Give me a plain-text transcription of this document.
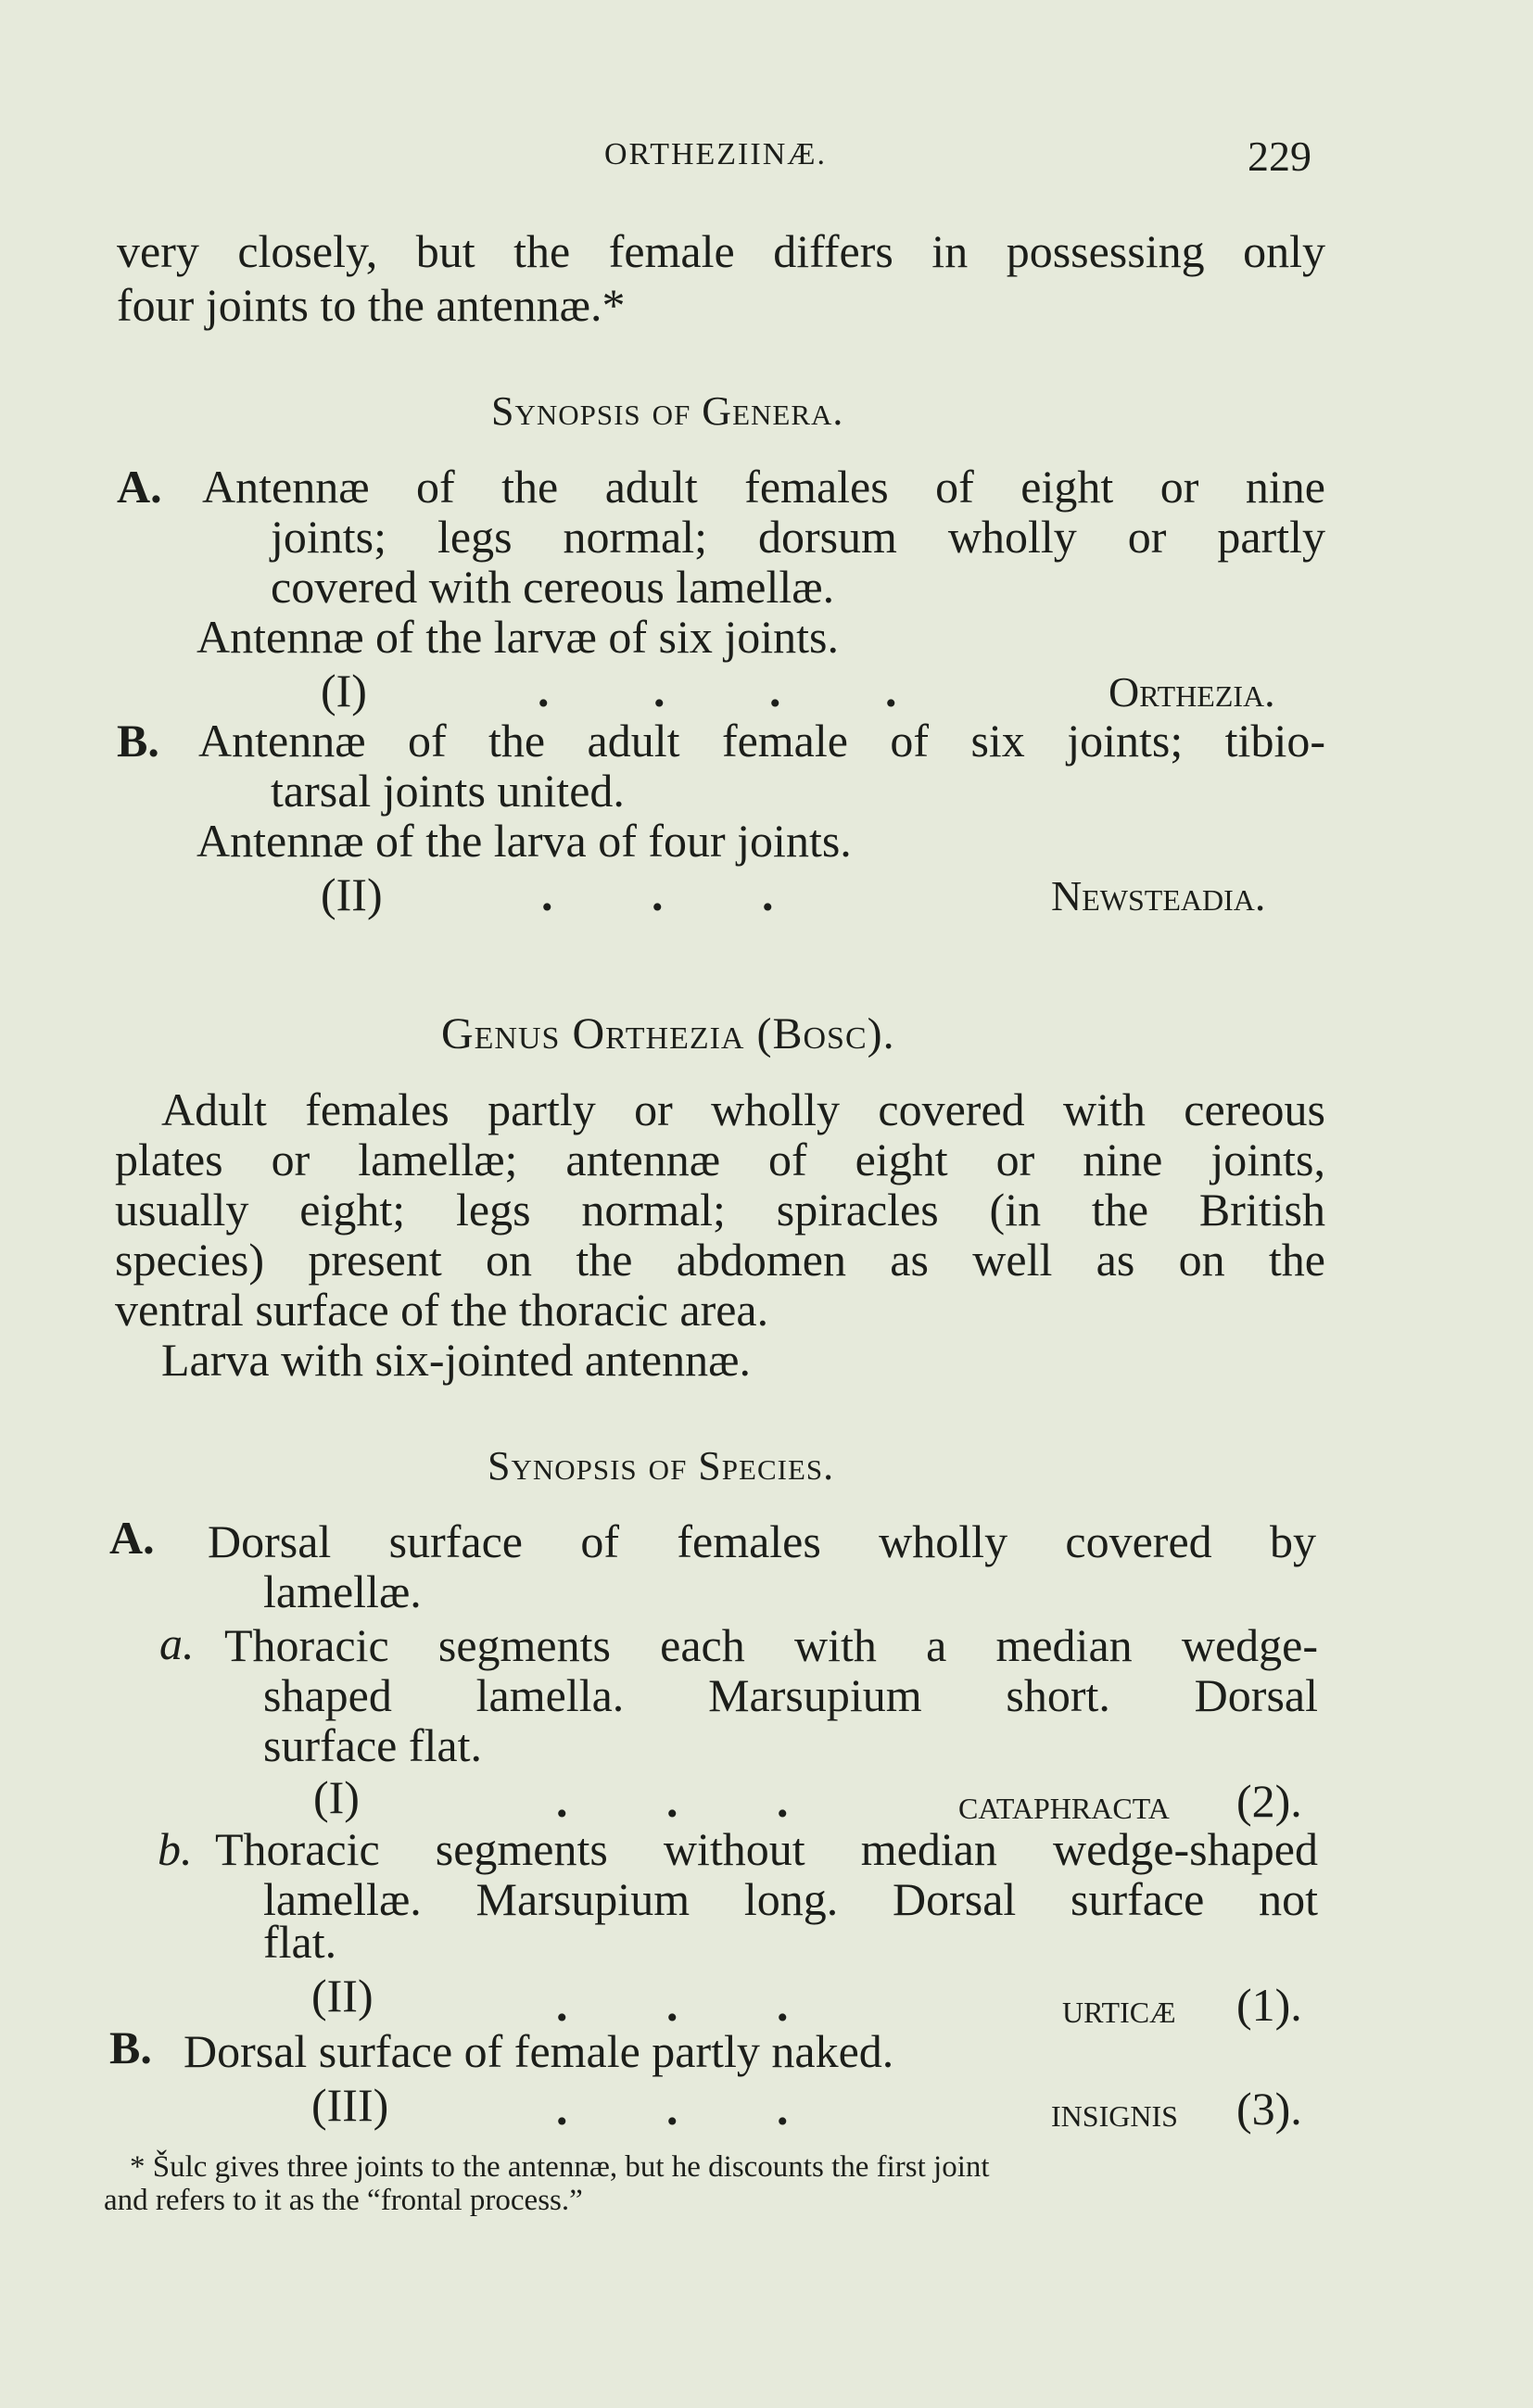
ORTHEZIINÆ.	229
very closely, but the female differs in possessing only
four joints to the antennæ.*
Synopsis of Genera.
A. Antennæ of the adult females of eight or nine
joints; legs normal; dorsum wholly or partly
covered with cereous lamellæ.
Antennæ of the larvæ of six joints.
(I)	. . . .	Orthezia.
B. Antennæ of the adult female of six joints; tibio-
tarsal joints united.
Antennæ of the larva of four joints.
(II)	. . .	Newsteadia.
Genus Orthezia (Bosc).
Adult females partly or wholly covered with cereous
plates or lamellæ; antennæ of eight or nine joints,
usually eight; legs normal; spiracles (in the British
species) present on the abdomen as well as on the
ventral surface of the thoracic area.
Larva with six-jointed antennæ.
Synopsis of Species.
A. Dorsal surface of females wholly covered by
lamellæ.
a. Thoracic segments each with a median wedge-
shaped lamella. Marsupium short. Dorsal
surface flat.
(I)	. . .	cataphracta (2).
b. Thoracic segments without median wedge-shaped
lamellæ. Marsupium long. Dorsal surface not
flat.
(II)	. . .	urticæ (1).
B. Dorsal surface of female partly naked.
(III)	. . .	insignis (3).
* Šulc gives three joints to the antennæ, but he discounts the first joint
and refers to it as the “frontal process.”
